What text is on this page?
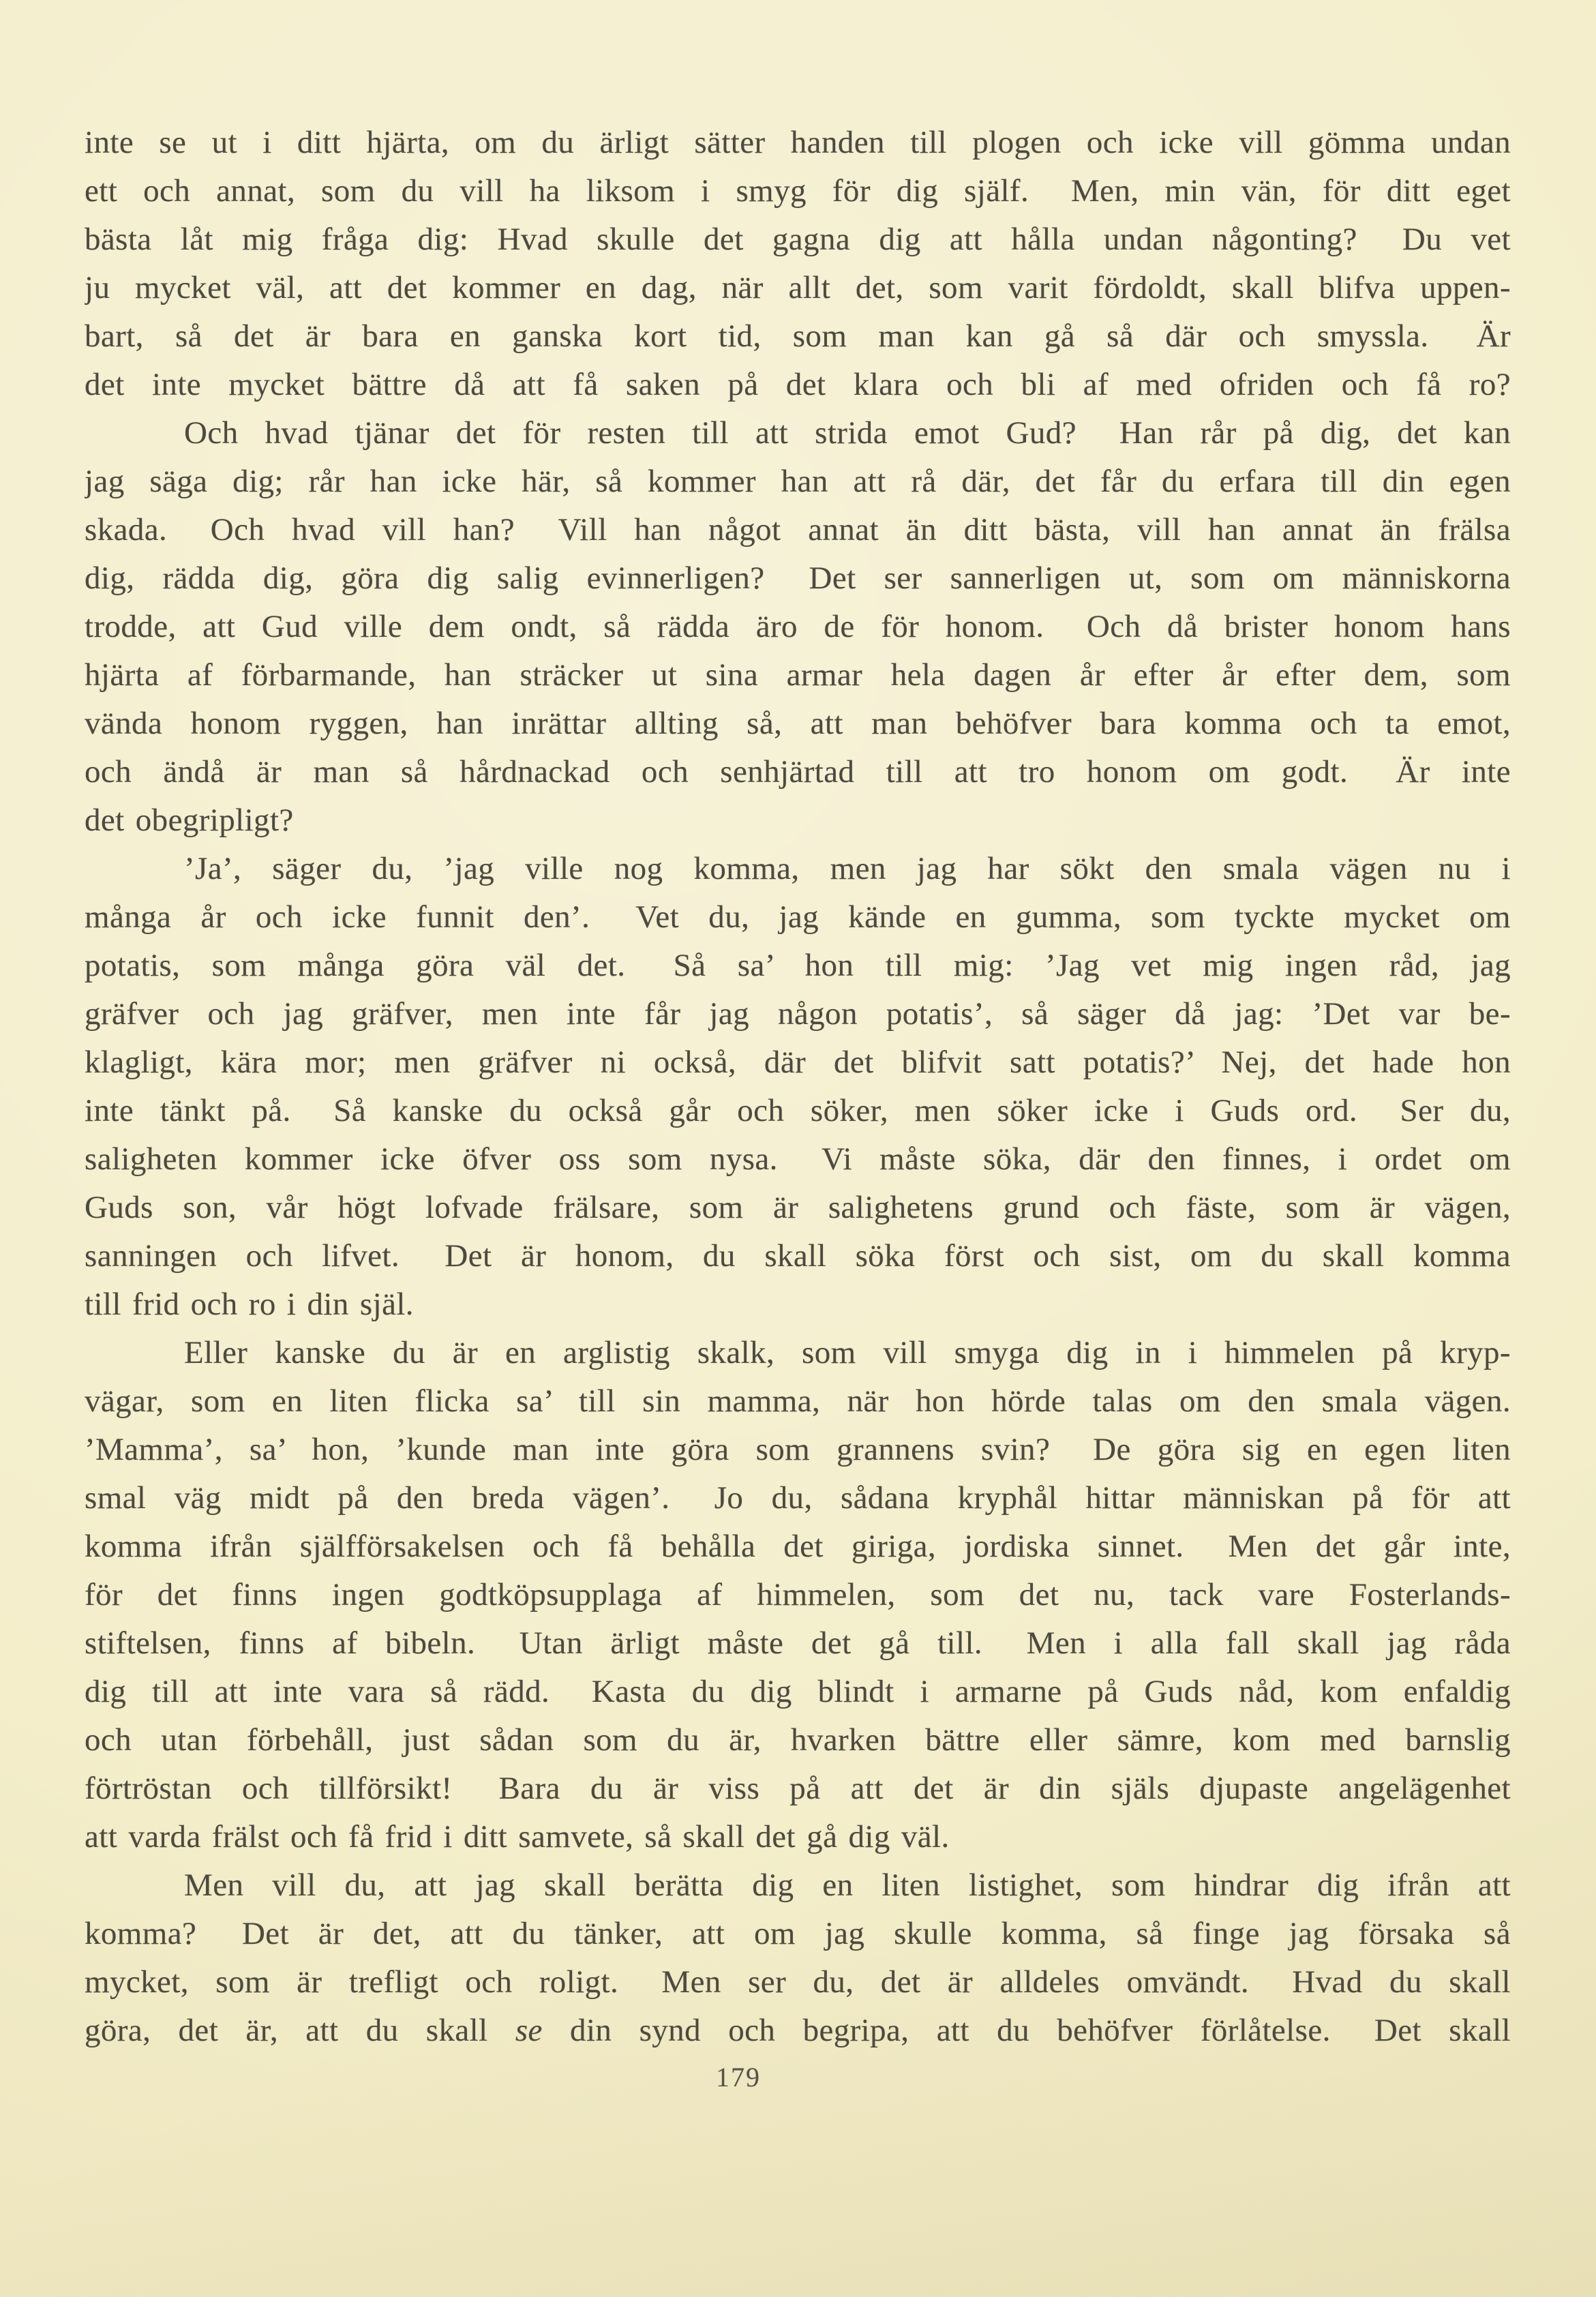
inte se ut i ditt hjärta, om du ärligt sätter handen till plogen och icke vill gömma undan
ett och annat, som du vill ha liksom i smyg för dig själf.  Men, min vän, för ditt eget
bästa låt mig fråga dig: Hvad skulle det gagna dig att hålla undan någonting?  Du vet
ju mycket väl, att det kommer en dag, när allt det, som varit fördoldt, skall blifva uppen-
bart, så det är bara en ganska kort tid, som man kan gå så där och smyssla.  Är
det inte mycket bättre då att få saken på det klara och bli af med ofriden och få ro?
Och hvad tjänar det för resten till att strida emot Gud?  Han rår på dig, det kan
jag säga dig; rår han icke här, så kommer han att rå där, det får du erfara till din egen
skada.  Och hvad vill han?  Vill han något annat än ditt bästa, vill han annat än frälsa
dig, rädda dig, göra dig salig evinnerligen?  Det ser sannerligen ut, som om människorna
trodde, att Gud ville dem ondt, så rädda äro de för honom.  Och då brister honom hans
hjärta af förbarmande, han sträcker ut sina armar hela dagen år efter år efter dem, som
vända honom ryggen, han inrättar allting så, att man behöfver bara komma och ta emot,
och ändå är man så hårdnackad och senhjärtad till att tro honom om godt.  Är inte
det obegripligt?
’Ja’, säger du, ’jag ville nog komma, men jag har sökt den smala vägen nu i
många år och icke funnit den’.  Vet du, jag kände en gumma, som tyckte mycket om
potatis, som många göra väl det.  Så sa’ hon till mig: ’Jag vet mig ingen råd, jag
gräfver och jag gräfver, men inte får jag någon potatis’, så säger då jag: ’Det var be-
klagligt, kära mor; men gräfver ni också, där det blifvit satt potatis?’ Nej, det hade hon
inte tänkt på.  Så kanske du också går och söker, men söker icke i Guds ord.  Ser du,
saligheten kommer icke öfver oss som nysa.  Vi måste söka, där den finnes, i ordet om
Guds son, vår högt lofvade frälsare, som är salighetens grund och fäste, som är vägen,
sanningen och lifvet.  Det är honom, du skall söka först och sist, om du skall komma
till frid och ro i din själ.
Eller kanske du är en arglistig skalk, som vill smyga dig in i himmelen på kryp-
vägar, som en liten flicka sa’ till sin mamma, när hon hörde talas om den smala vägen.
’Mamma’, sa’ hon, ’kunde man inte göra som grannens svin?  De göra sig en egen liten
smal väg midt på den breda vägen’.  Jo du, sådana kryphål hittar människan på för att
komma ifrån själfförsakelsen och få behålla det giriga, jordiska sinnet.  Men det går inte,
för det finns ingen godtköpsupplaga af himmelen, som det nu, tack vare Fosterlands-
stiftelsen, finns af bibeln.  Utan ärligt måste det gå till.  Men i alla fall skall jag råda
dig till att inte vara så rädd.  Kasta du dig blindt i armarne på Guds nåd, kom enfaldig
och utan förbehåll, just sådan som du är, hvarken bättre eller sämre, kom med barnslig
förtröstan och tillförsikt!  Bara du är viss på att det är din själs djupaste angelägenhet
att varda frälst och få frid i ditt samvete, så skall det gå dig väl.
Men vill du, att jag skall berätta dig en liten listighet, som hindrar dig ifrån att
komma?  Det är det, att du tänker, att om jag skulle komma, så finge jag försaka så
mycket, som är trefligt och roligt.  Men ser du, det är alldeles omvändt.  Hvad du skall
göra, det är, att du skall se din synd och begripa, att du behöfver förlåtelse.  Det skall
179
